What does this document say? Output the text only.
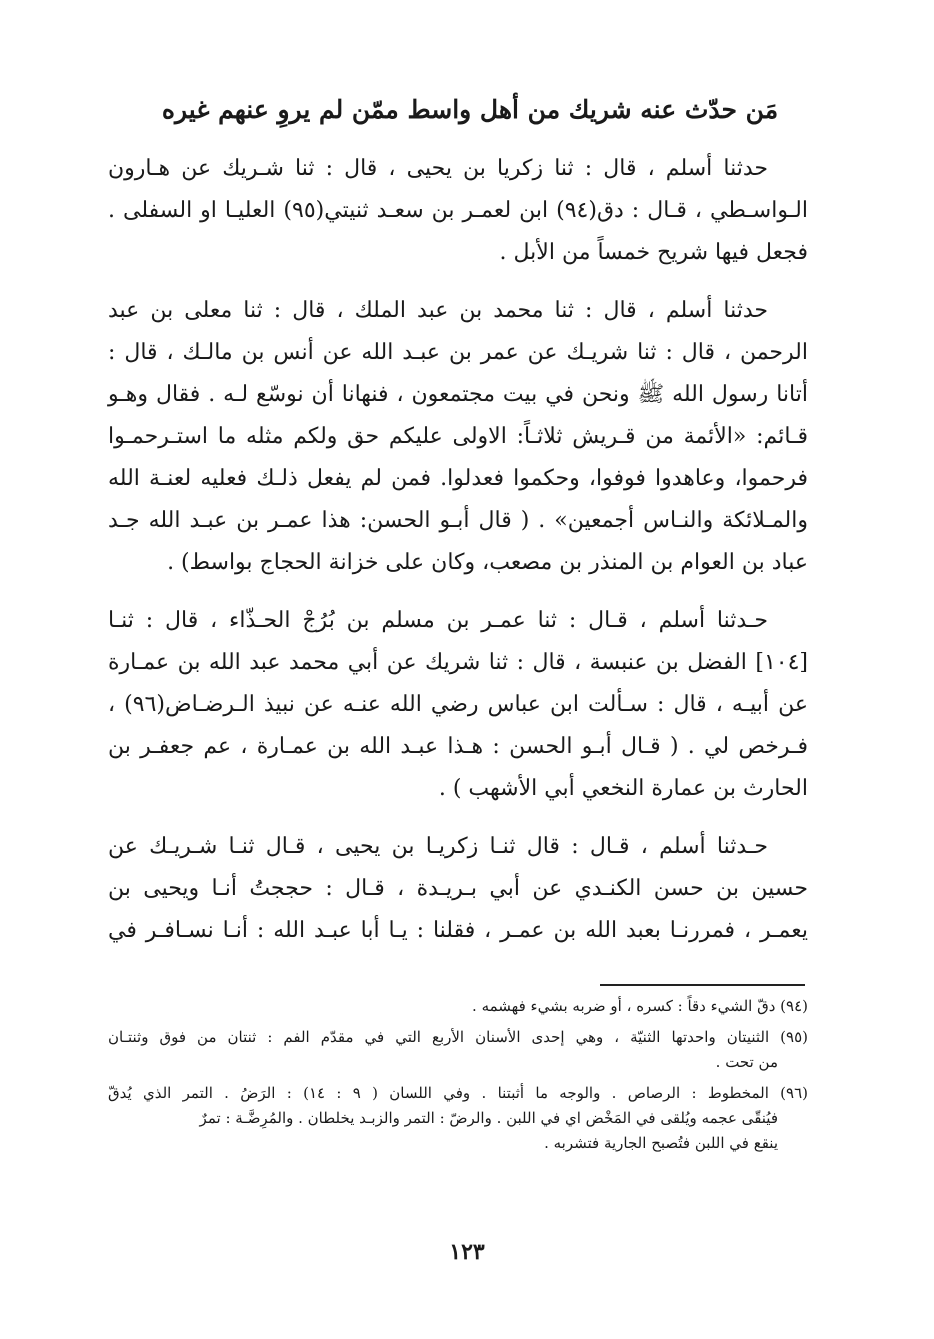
مَن حدّث عنه شريك من أهل واسط ممّن لم يروِ عنهم غيره
حدثنا أسلم ، قال : ثنا زكريا بن يحيى ، قال : ثنا شـريك عن هـارون
الـواسـطي ، قـال : دق(٩٤) ابن لعمـر بن سعـد ثنيتي(٩٥) العليـا او السفلى .
فجعل فيها شريح خمساً من الأبل .
حدثنا أسلم ، قال : ثنا محمد بن عبد الملك ، قال : ثنا معلى بن عبد
الرحمن ، قال : ثنا شريـك عن عمر بن عبـد الله عن أنس بن مالـك ، قال :
أتانا رسول الله ﷺ ونحن في بيت مجتمعون ، فنهانا أن نوسّع لـه . فقال وهـو
قـائم: «الأئمة من قـريش ثلاثـاً: الاولى عليكم حق ولكم مثله ما استـرحمـوا
فرحموا، وعاهدوا فوفوا، وحكموا فعدلوا. فمن لم يفعل ذلـك فعليه لعنـة الله
والمـلائكة والنـاس أجمعين» . ( قال أبـو الحسن: هذا عمـر بن عبـد الله جـد
عباد بن العوام بن المنذر بن مصعب، وكان على خزانة الحجاج بواسط) .
حـدثنا أسلم ، قـال : ثنا عمـر بن مسلم بن بُرُجْ الحـذّاء ، قال : ثنـا
[١٠٤] الفضل بن عنبسة ، قال : ثنا شريك عن أبي محمد عبد الله بن عمـارة
عن أبيـه ، قال : سـألت ابن عباس رضي الله عنـه عن نبيذ الـرضـاض(٩٦) ،
فـرخص لي . ( قـال أبـو الحسن : هـذا عبـد الله بن عمـارة ، عم جعفـر بن
الحارث بن عمارة النخعي أبي الأشهب ) .
حـدثنا أسلم ، قـال : قال ثنـا زكريـا بن يحيى ، قـال ثنـا شـريـك عن
حسين بن حسن الكنـدي عن أبي بـريـدة ، قـال : حججتُ أنـا ويحيى بن
يعمـر ، فمررنـا بعبد الله بن عمـر ، فقلنا : يـا أبا عبـد الله : أنـا نسـافـر في
(٩٤) دقّ الشيء دقاً : كسره ، أو ضربه بشيء فهشمه .
(٩٥) الثنيتان واحدتها الثنيّة ، وهي إحدى الأسنان الأربع التي في مقدّم الفم : ثنتان من فوق وثنتـان
من تحت .
(٩٦) المخطوط : الرصاص . والوجه ما أثبتنا . وفي اللسان ( ٩ : ١٤) : الرَضُ . التمر الذي يُدقّ
فيُنقّى عجمه ويُلقى في المَخْض اي في اللبن . والرضّ : التمر والزبـد يخلطان . والمُرِضَّـة : تمرٌ
ينقع في اللبن فتُصبح الجارية فتشربه .
١٢٣
